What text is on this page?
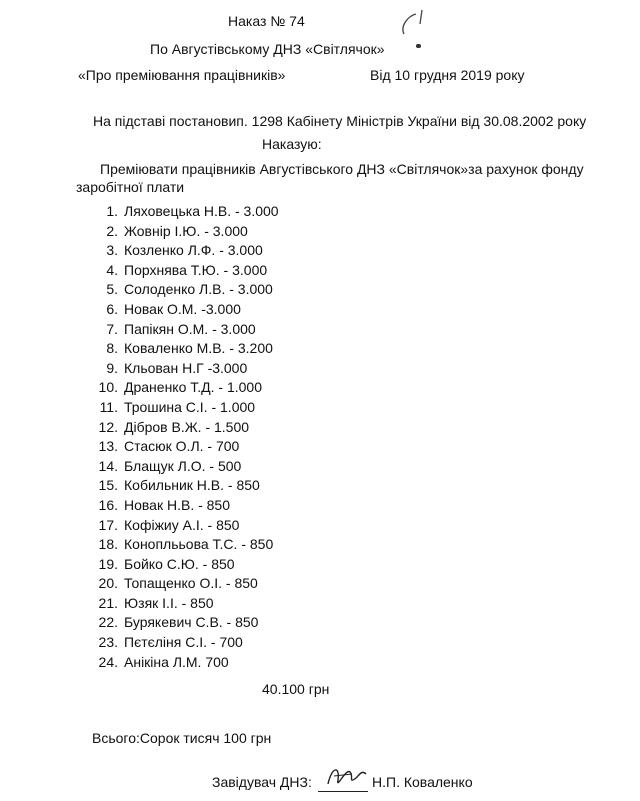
Наказ № 74
По Августівському ДНЗ «Світлячок»
«Про преміювання працівників»	Від 10 грудня 2019 року
На підставі постановип. 1298 Кабінету Міністрів України від 30.08.2002 року
Наказую:
Преміювати працівників Августівського ДНЗ «Світлячок»за рахунок фонду
заробітної плати
1. Ляховецька Н.В. - 3.000
2. Жовнір І.Ю. - 3.000
3. Козленко Л.Ф. - 3.000
4. Порхнява Т.Ю. - 3.000
5. Солоденко Л.В. - 3.000
6. Новак О.М. -3.000
7. Папікян О.М. - 3.000
8. Коваленко М.В. - 3.200
9. Кльован Н.Г -3.000
10. Драненко Т.Д. - 1.000
11. Трошина С.І. - 1.000
12. Дібров В.Ж. - 1.500
13. Стасюк О.Л. - 700
14. Блащук Л.О. - 500
15. Кобильник Н.В. - 850
16. Новак Н.В. - 850
17. Кофіжиу А.І. - 850
18. Коноплььова Т.С. - 850
19. Бойко С.Ю. - 850
20. Топащенко О.І. - 850
21. Юзяк І.І. - 850
22. Бурякевич С.В. - 850
23. Пєтєліня С.І. - 700
24. Анікіна Л.М. 700
40.100 грн
Всього:Сорок тисяч 100 грн
Завідувач ДНЗ:	Н.П. Коваленко
